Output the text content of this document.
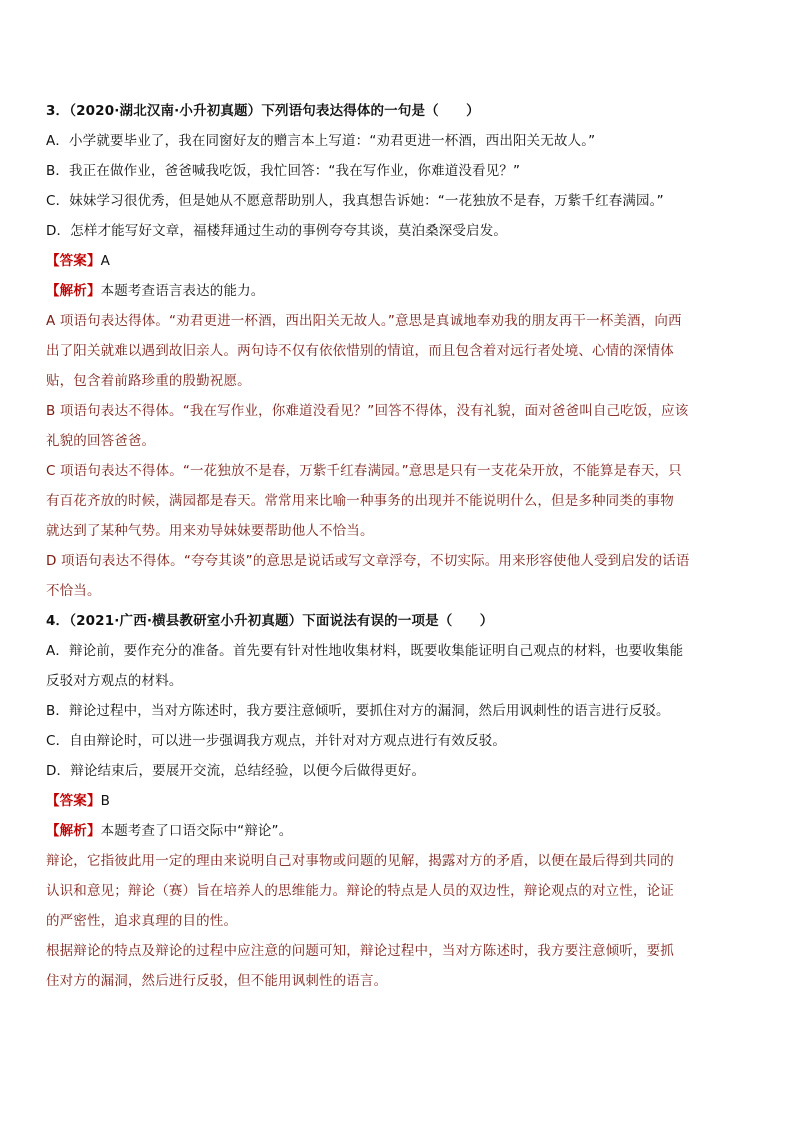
3．（2020·湖北汉南·小升初真题）下列语句表达得体的一句是（　　）

A．小学就要毕业了，我在同窗好友的赠言本上写道：“劝君更进一杯酒，西出阳关无故人。”

B．我正在做作业，爸爸喊我吃饭，我忙回答：“我在写作业，你难道没看见？”

C．妹妹学习很优秀，但是她从不愿意帮助别人，我真想告诉她：“一花独放不是春，万紫千红春满园。”

D．怎样才能写好文章，福楼拜通过生动的事例夸夸其谈，莫泊桑深受启发。

【答案】A

【解析】本题考查语言表达的能力。

A 项语句表达得体。“劝君更进一杯酒，西出阳关无故人。”意思是真诚地奉劝我的朋友再干一杯美酒，向西

出了阳关就难以遇到故旧亲人。两句诗不仅有依依惜别的情谊，而且包含着对远行者处境、心情的深情体

贴，包含着前路珍重的殷勤祝愿。

B 项语句表达不得体。“我在写作业，你难道没看见？”回答不得体，没有礼貌，面对爸爸叫自己吃饭，应该

礼貌的回答爸爸。

C 项语句表达不得体。“一花独放不是春，万紫千红春满园。”意思是只有一支花朵开放，不能算是春天，只

有百花齐放的时候，满园都是春天。常常用来比喻一种事务的出现并不能说明什么，但是多种同类的事物

就达到了某种气势。用来劝导妹妹要帮助他人不恰当。

D 项语句表达不得体。“夸夸其谈”的意思是说话或写文章浮夸，不切实际。用来形容使他人受到启发的话语

不恰当。

4．（2021·广西·横县教研室小升初真题）下面说法有误的一项是（　　）

A．辩论前，要作充分的准备。首先要有针对性地收集材料，既要收集能证明自己观点的材料，也要收集能

反驳对方观点的材料。

B．辩论过程中，当对方陈述时，我方要注意倾听，要抓住对方的漏洞，然后用讽刺性的语言进行反驳。

C．自由辩论时，可以进一步强调我方观点，并针对对方观点进行有效反驳。

D．辩论结束后，要展开交流，总结经验，以便今后做得更好。

【答案】B

【解析】本题考查了口语交际中“辩论”。

辩论，它指彼此用一定的理由来说明自己对事物或问题的见解，揭露对方的矛盾，以便在最后得到共同的

认识和意见；辩论（赛）旨在培养人的思维能力。辩论的特点是人员的双边性，辩论观点的对立性，论证

的严密性，追求真理的目的性。

根据辩论的特点及辩论的过程中应注意的问题可知，辩论过程中，当对方陈述时，我方要注意倾听，要抓

住对方的漏洞，然后进行反驳，但不能用讽刺性的语言。
